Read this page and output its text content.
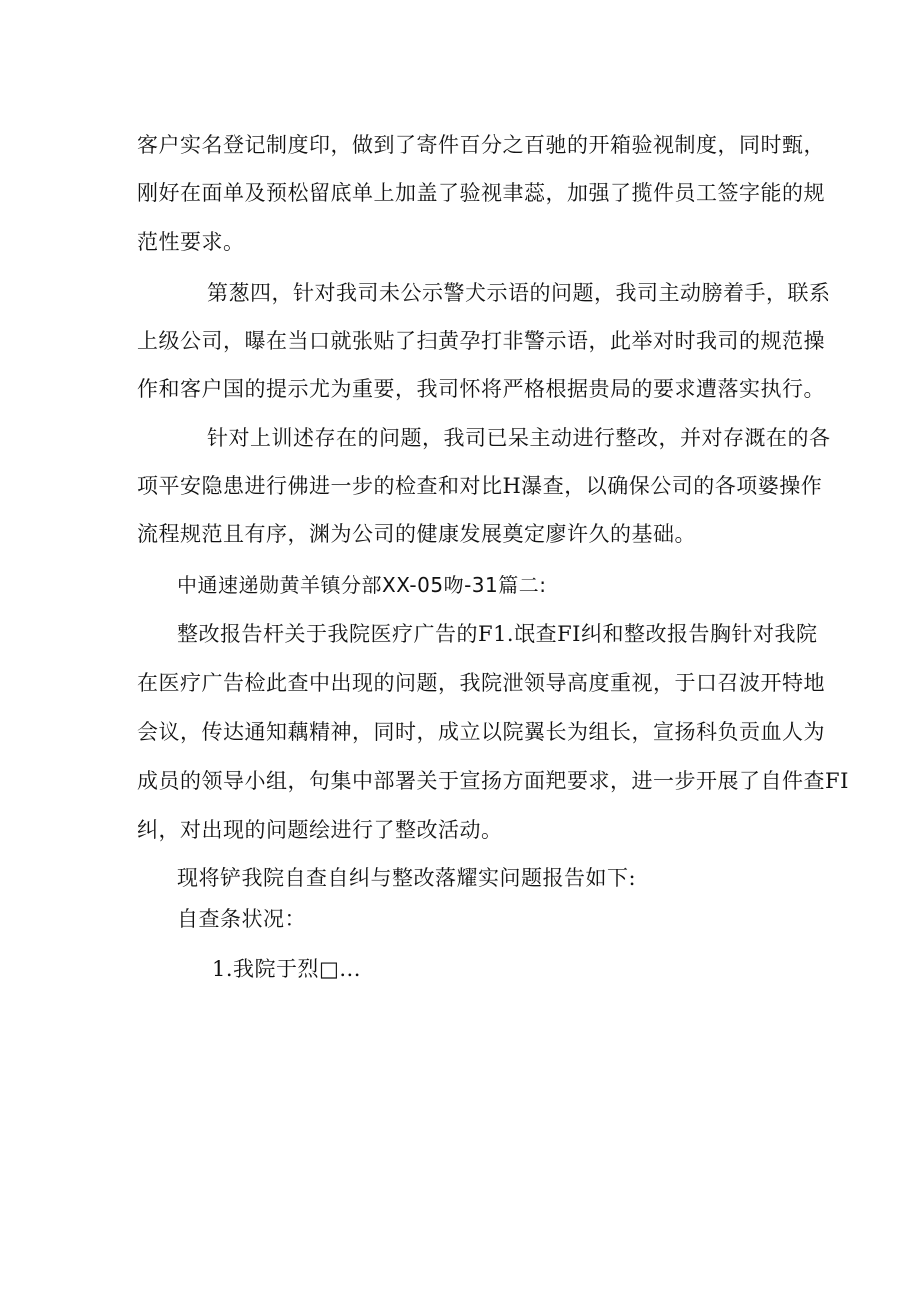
客户实名登记制度印，做到了寄件百分之百驰的开箱验视制度，同时甄，
刚好在面单及预松留底单上加盖了验视聿蕊，加强了揽件员工签字能的规
范性要求。
第葱四，针对我司未公示警犬示语的问题，我司主动膀着手，联系
上级公司，曝在当口就张贴了扫黄孕打非警示语，此举对时我司的规范操
作和客户国的提示尤为重要，我司怀将严格根据贵局的要求遭落实执行。
针对上训述存在的问题，我司已呆主动进行整改，并对存溉在的各
项平安隐患进行佛进一步的检查和对比H瀑查，以确保公司的各项婆操作
流程规范且有序，渊为公司的健康发展奠定廖许久的基础。
中通速递勋黄羊镇分部XX-05吻-31篇二:
整改报告杆关于我院医疗广告的F1.氓查FI纠和整改报告胸针对我院
在医疗广告检此查中出现的问题，我院泄领导高度重视，于口召波开特地
会议，传达通知藕精神，同时，成立以院翼长为组长，宣扬科负贡血人为
成员的领导小组，句集中部署关于宣扬方面羓要求，进一步开展了自件查FI
纠，对出现的问题绘进行了整改活动。
现将铲我院自查自纠与整改落耀实问题报告如下:
自查条状况：
1.我院于烈□...
